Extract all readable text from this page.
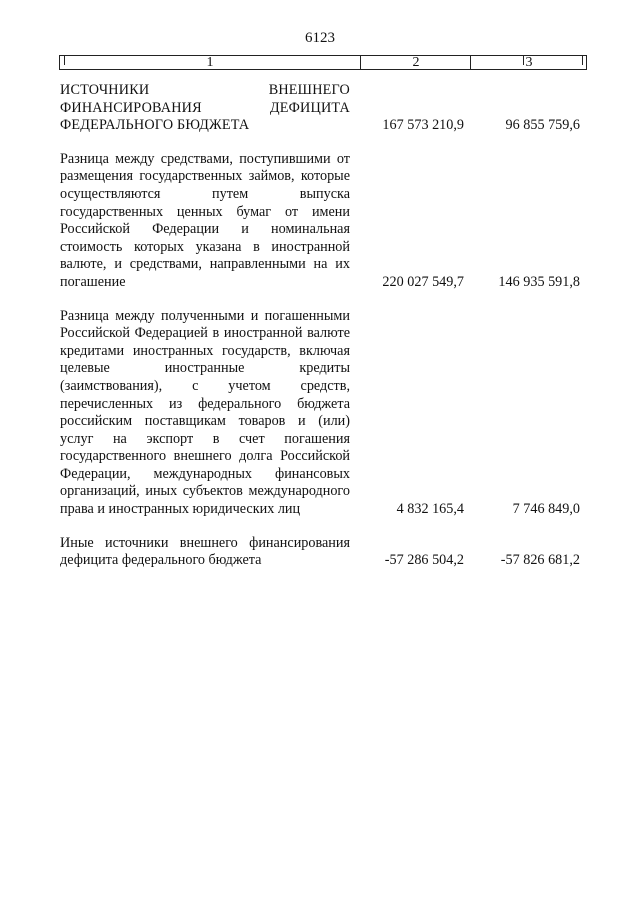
6123
1	2	3
ИСТОЧНИКИ ВНЕШНЕГО ФИНАНСИРОВАНИЯ ДЕФИЦИТА ФЕДЕРАЛЬНОГО БЮДЖЕТА	167 573 210,9	96 855 759,6
Разница между средствами, поступившими от размещения государственных займов, которые осуществляются путем выпуска государственных ценных бумаг от имени Российской Федерации и номинальная стоимость которых указана в иностранной валюте, и средствами, направленными на их погашение	220 027 549,7	146 935 591,8
Разница между полученными и погашенными Российской Федерацией в иностранной валюте кредитами иностранных государств, включая целевые иностранные кредиты (заимствования), с учетом средств, перечисленных из федерального бюджета российским поставщикам товаров и (или) услуг на экспорт в счет погашения государственного внешнего долга Российской Федерации, международных финансовых организаций, иных субъектов международного права и иностранных юридических лиц	4 832 165,4	7 746 849,0
Иные источники внешнего финансирования дефицита федерального бюджета	-57 286 504,2	-57 826 681,2
